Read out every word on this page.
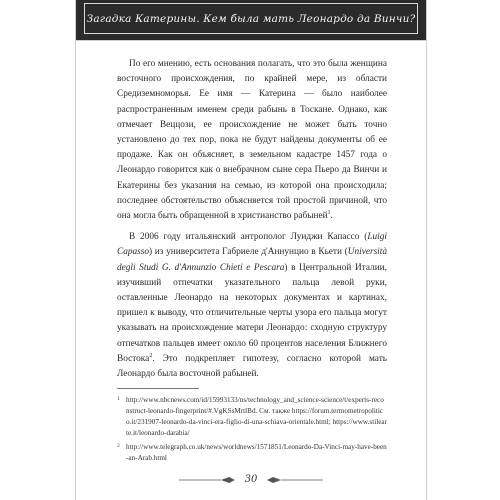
Загадка Катерины. Кем была мать Леонардо да Винчи?

По его мнению, есть основания полагать, что это была женщина восточного происхождения, по крайней мере, из области Средиземноморья. Ее имя — Катерина — было наиболее распространенным именем среди рабынь в Тоскане. Однако, как отмечает Веццози, ее происхождение не может быть точно установлено до тех пор, пока не будут найдены документы об ее продаже. Как он объясняет, в земельном кадастре 1457 года о Леонардо говорится как о внебрачном сыне сера Пьеро да Винчи и Екатерины без указания на семью, из которой она происходила; последнее обстоятельство объясняется той простой причиной, что она могла быть обращенной в христианство рабыней$^1$.

В 2006 году итальянский антрополог Луиджи Капассо (Luigi Capasso) из университета Габриеле д'Аннунцио в Кьети (Università degli Studi G. d'Annunzio Chieti e Pescara) в Центральной Италии, изучивший отпечатки указательного пальца левой руки, оставленные Леонардо на некоторых документах и картинах, пришел к выводу, что отличительные черты узора его пальца могут указывать на происхождение матери Леонардо: сходную структуру отпечатков пальцев имеет около 60 процентов населения Ближнего Востока$^2$. Это подкрепляет гипотезу, согласно которой мать Леонардо была восточной рабыней.

1 http://www.nbcnews.com/id/15993133/ns/technology_and_science-science/t/experts-reconstruct-leonardo-fingerprint/#.VgKSsMrtlBd. См. также https://forum.termometropolitico.it/231907-leonardo-da-vinci-era-figlio-di-una-schiava-orientale.html; https://www.stilearte.it/leonardo-darabia/
2 http://www.telegraph.co.uk/news/worldnews/1571851/Leonardo-Da-Vinci-may-have-been-an-Arab.html
30
